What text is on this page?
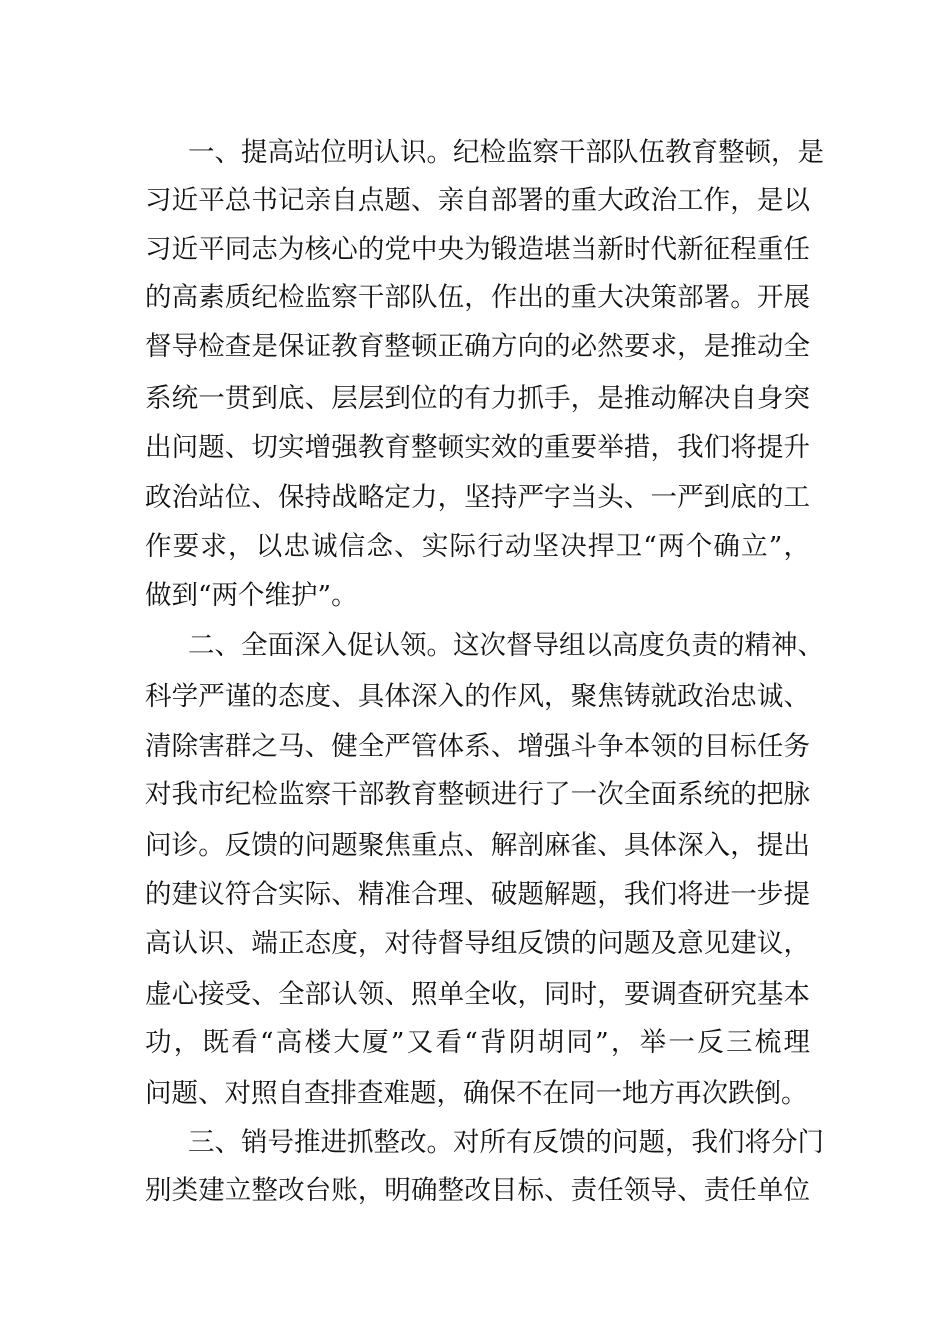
一、提高站位明认识。纪检监察干部队伍教育整顿，是
习近平总书记亲自点题、亲自部署的重大政治工作，是以
习近平同志为核心的党中央为锻造堪当新时代新征程重任
的高素质纪检监察干部队伍，作出的重大决策部署。开展
督导检查是保证教育整顿正确方向的必然要求，是推动全
系统一贯到底、层层到位的有力抓手，是推动解决自身突
出问题、切实增强教育整顿实效的重要举措，我们将提升
政治站位、保持战略定力，坚持严字当头、一严到底的工
作要求，以忠诚信念、实际行动坚决捍卫“两个确立”，
做到“两个维护”。
二、全面深入促认领。这次督导组以高度负责的精神、
科学严谨的态度、具体深入的作风，聚焦铸就政治忠诚、
清除害群之马、健全严管体系、增强斗争本领的目标任务
对我市纪检监察干部教育整顿进行了一次全面系统的把脉
问诊。反馈的问题聚焦重点、解剖麻雀、具体深入，提出
的建议符合实际、精准合理、破题解题，我们将进一步提
高认识、端正态度，对待督导组反馈的问题及意见建议，
虚心接受、全部认领、照单全收，同时，要调查研究基本
功，既看“高楼大厦”又看“背阴胡同”，举一反三梳理
问题、对照自查排查难题，确保不在同一地方再次跌倒。
三、销号推进抓整改。对所有反馈的问题，我们将分门
别类建立整改台账，明确整改目标、责任领导、责任单位
